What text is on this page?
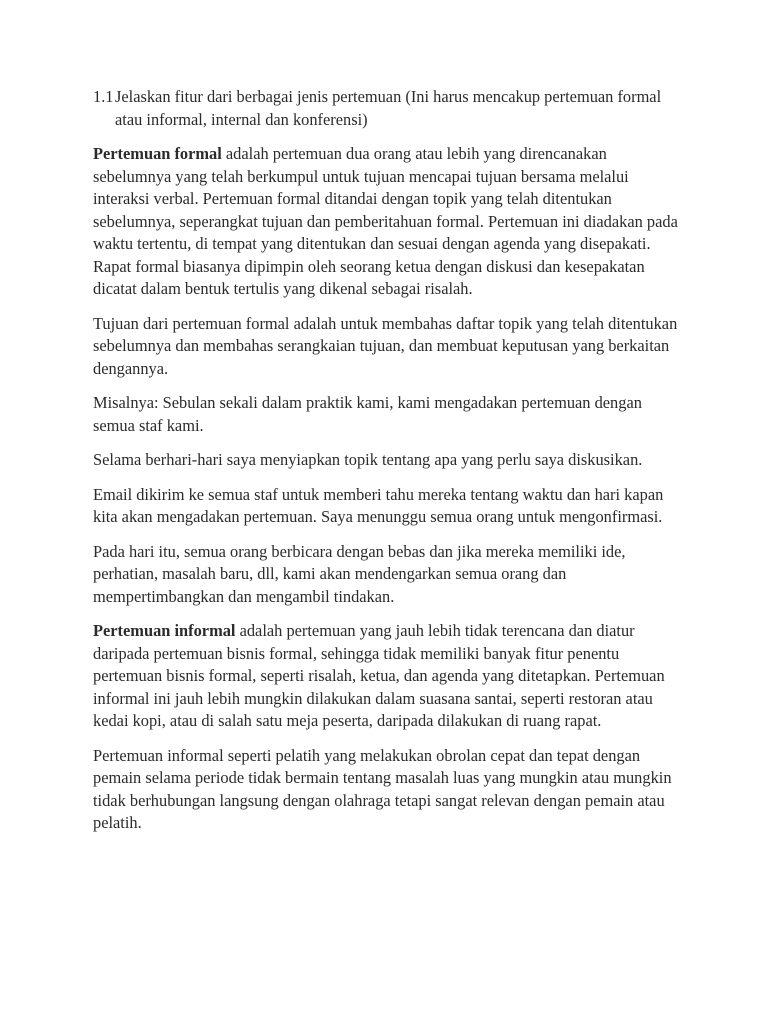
1.1 Jelaskan fitur dari berbagai jenis pertemuan (Ini harus mencakup pertemuan formal atau informal, internal dan konferensi)

Pertemuan formal adalah pertemuan dua orang atau lebih yang direncanakan sebelumnya yang telah berkumpul untuk tujuan mencapai tujuan bersama melalui interaksi verbal. Pertemuan formal ditandai dengan topik yang telah ditentukan sebelumnya, seperangkat tujuan dan pemberitahuan formal. Pertemuan ini diadakan pada waktu tertentu, di tempat yang ditentukan dan sesuai dengan agenda yang disepakati. Rapat formal biasanya dipimpin oleh seorang ketua dengan diskusi dan kesepakatan dicatat dalam bentuk tertulis yang dikenal sebagai risalah.

Tujuan dari pertemuan formal adalah untuk membahas daftar topik yang telah ditentukan sebelumnya dan membahas serangkaian tujuan, dan membuat keputusan yang berkaitan dengannya.

Misalnya: Sebulan sekali dalam praktik kami, kami mengadakan pertemuan dengan semua staf kami.

Selama berhari-hari saya menyiapkan topik tentang apa yang perlu saya diskusikan.

Email dikirim ke semua staf untuk memberi tahu mereka tentang waktu dan hari kapan kita akan mengadakan pertemuan. Saya menunggu semua orang untuk mengonfirmasi.

Pada hari itu, semua orang berbicara dengan bebas dan jika mereka memiliki ide, perhatian, masalah baru, dll, kami akan mendengarkan semua orang dan mempertimbangkan dan mengambil tindakan.

Pertemuan informal adalah pertemuan yang jauh lebih tidak terencana dan diatur daripada pertemuan bisnis formal, sehingga tidak memiliki banyak fitur penentu pertemuan bisnis formal, seperti risalah, ketua, dan agenda yang ditetapkan. Pertemuan informal ini jauh lebih mungkin dilakukan dalam suasana santai, seperti restoran atau kedai kopi, atau di salah satu meja peserta, daripada dilakukan di ruang rapat.

Pertemuan informal seperti pelatih yang melakukan obrolan cepat dan tepat dengan pemain selama periode tidak bermain tentang masalah luas yang mungkin atau mungkin tidak berhubungan langsung dengan olahraga tetapi sangat relevan dengan pemain atau pelatih.
